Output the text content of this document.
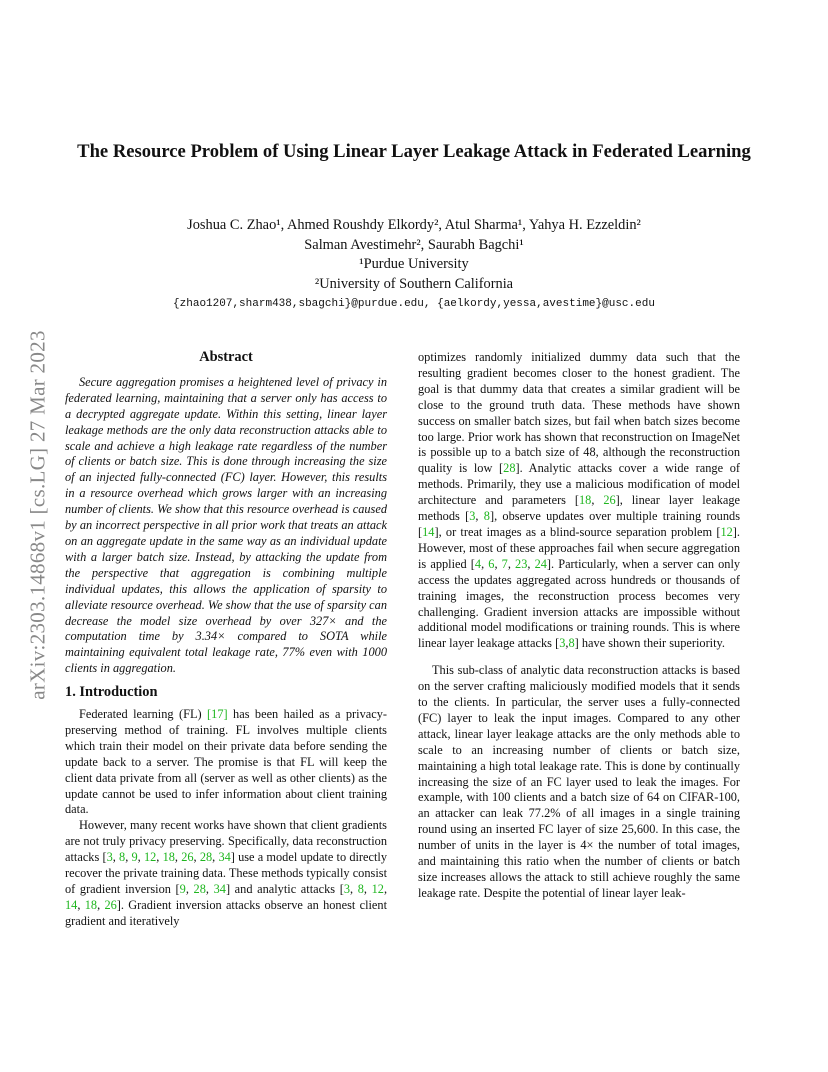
arXiv:2303.14868v1 [cs.LG] 27 Mar 2023
The Resource Problem of Using Linear Layer Leakage Attack in Federated Learning
Joshua C. Zhao¹, Ahmed Roushdy Elkordy², Atul Sharma¹, Yahya H. Ezzeldin²
Salman Avestimehr², Saurabh Bagchi¹
¹Purdue University
²University of Southern California
{zhao1207,sharm438,sbagchi}@purdue.edu, {aelkordy,yessa,avestime}@usc.edu
Abstract

Secure aggregation promises a heightened level of privacy in federated learning, maintaining that a server only has access to a decrypted aggregate update. Within this setting, linear layer leakage methods are the only data reconstruction attacks able to scale and achieve a high leakage rate regardless of the number of clients or batch size. This is done through increasing the size of an injected fully-connected (FC) layer. However, this results in a resource overhead which grows larger with an increasing number of clients. We show that this resource overhead is caused by an incorrect perspective in all prior work that treats an attack on an aggregate update in the same way as an individual update with a larger batch size. Instead, by attacking the update from the perspective that aggregation is combining multiple individual updates, this allows the application of sparsity to alleviate resource overhead. We show that the use of sparsity can decrease the model size overhead by over 327× and the computation time by 3.34× compared to SOTA while maintaining equivalent total leakage rate, 77% even with 1000 clients in aggregation.

1. Introduction

Federated learning (FL) [17] has been hailed as a privacy-preserving method of training. FL involves multiple clients which train their model on their private data before sending the update back to a server. The promise is that FL will keep the client data private from all (server as well as other clients) as the update cannot be used to infer information about client training data.

However, many recent works have shown that client gradients are not truly privacy preserving. Specifically, data reconstruction attacks [3, 8, 9, 12, 18, 26, 28, 34] use a model update to directly recover the private training data. These methods typically consist of gradient inversion [9, 28, 34] and analytic attacks [3, 8, 12, 14, 18, 26]. Gradient inversion attacks observe an honest client gradient and iteratively

optimizes randomly initialized dummy data such that the resulting gradient becomes closer to the honest gradient. The goal is that dummy data that creates a similar gradient will be close to the ground truth data. These methods have shown success on smaller batch sizes, but fail when batch sizes become too large. Prior work has shown that reconstruction on ImageNet is possible up to a batch size of 48, although the reconstruction quality is low [28]. Analytic attacks cover a wide range of methods. Primarily, they use a malicious modification of model architecture and parameters [18, 26], linear layer leakage methods [3, 8], observe updates over multiple training rounds [14], or treat images as a blind-source separation problem [12]. However, most of these approaches fail when secure aggregation is applied [4, 6, 7, 23, 24]. Particularly, when a server can only access the updates aggregated across hundreds or thousands of training images, the reconstruction process becomes very challenging. Gradient inversion attacks are impossible without additional model modifications or training rounds. This is where linear layer leakage attacks [3,8] have shown their superiority.

This sub-class of analytic data reconstruction attacks is based on the server crafting maliciously modified models that it sends to the clients. In particular, the server uses a fully-connected (FC) layer to leak the input images. Compared to any other attack, linear layer leakage attacks are the only methods able to scale to an increasing number of clients or batch size, maintaining a high total leakage rate. This is done by continually increasing the size of an FC layer used to leak the images. For example, with 100 clients and a batch size of 64 on CIFAR-100, an attacker can leak 77.2% of all images in a single training round using an inserted FC layer of size 25,600. In this case, the number of units in the layer is 4× the number of total images, and maintaining this ratio when the number of clients or batch size increases allows the attack to still achieve roughly the same leakage rate. Despite the potential of linear layer leak-
